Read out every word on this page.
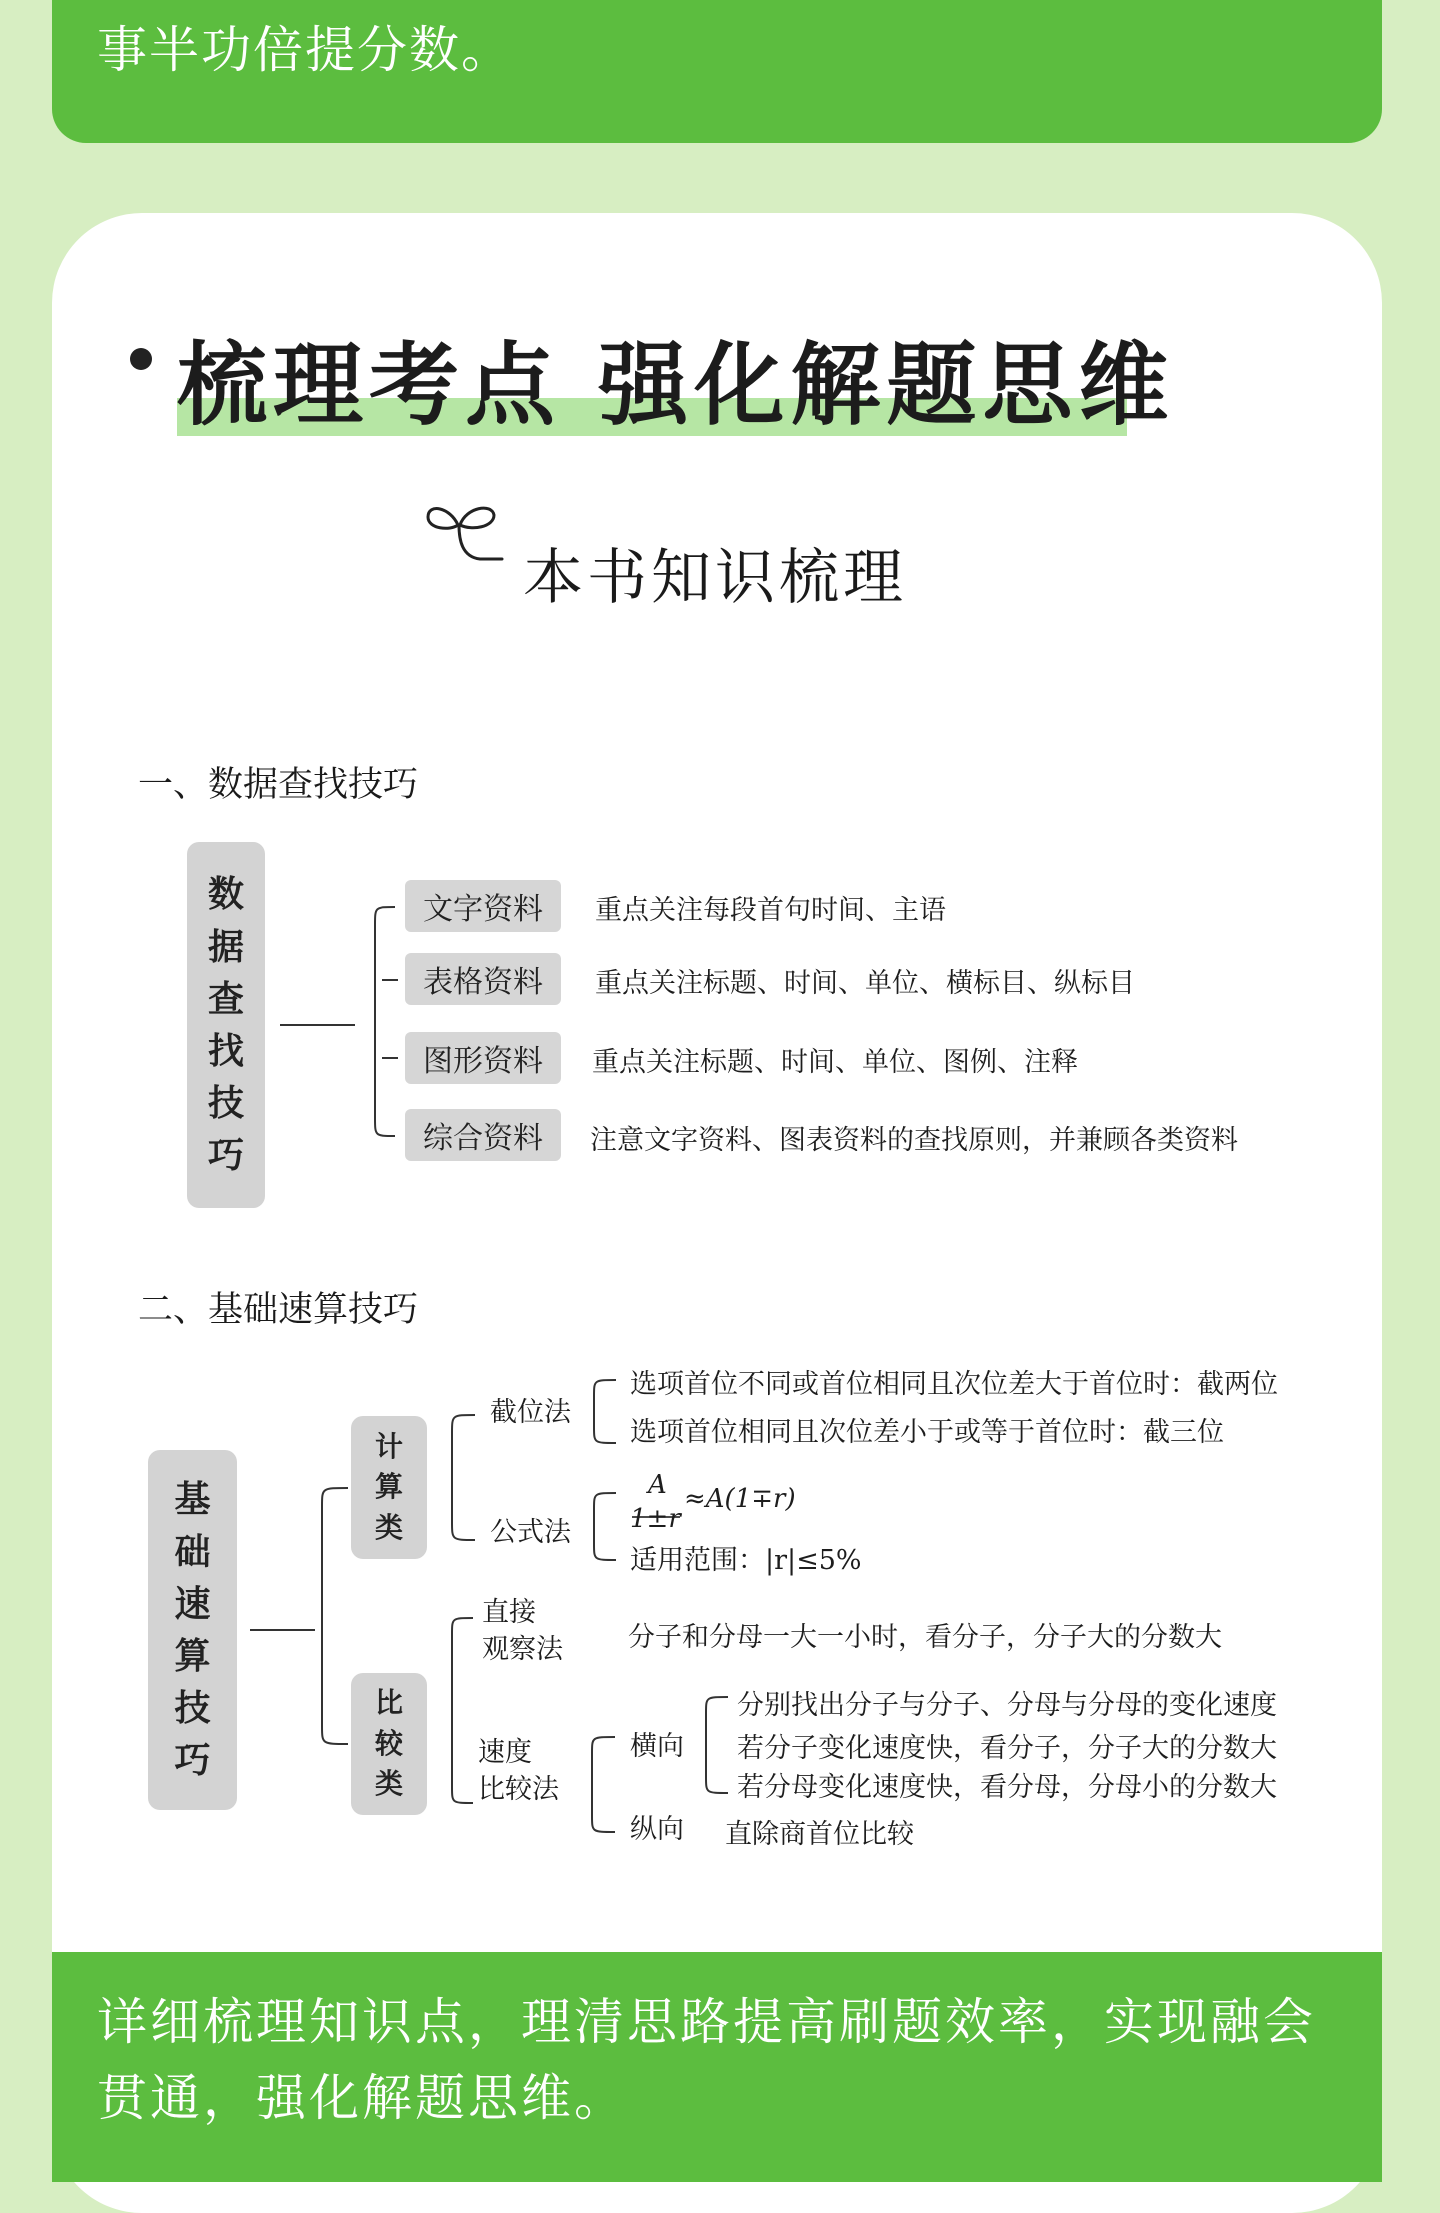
事半功倍提分数。
梳理考点 强化解题思维
本书知识梳理
一、数据查找技巧
数
据
查
找
技
巧
文字资料
表格资料
图形资料
综合资料
重点关注每段首句时间、主语
重点关注标题、时间、单位、横标目、纵标目
重点关注标题、时间、单位、图例、注释
注意文字资料、图表资料的查找原则，并兼顾各类资料
二、基础速算技巧
基
础
速
算
技
巧
计
算
类
比
较
类
截位法
选项首位不同或首位相同且次位差大于首位时：截两位
选项首位相同且次位差小于或等于首位时：截三位
公式法
A
1±r
≈A(1∓r)
适用范围：|r|≤5%
直接
观察法 分子和分母一大一小时，看分子，分子大的分数大
速度
比较法
横向
分别找出分子与分子、分母与分母的变化速度
若分子变化速度快，看分子，分子大的分数大
若分母变化速度快，看分母，分母小的分数大
纵向 直除商首位比较
详细梳理知识点，理清思路提高刷题效率，实现融会贯通，强化解题思维。
